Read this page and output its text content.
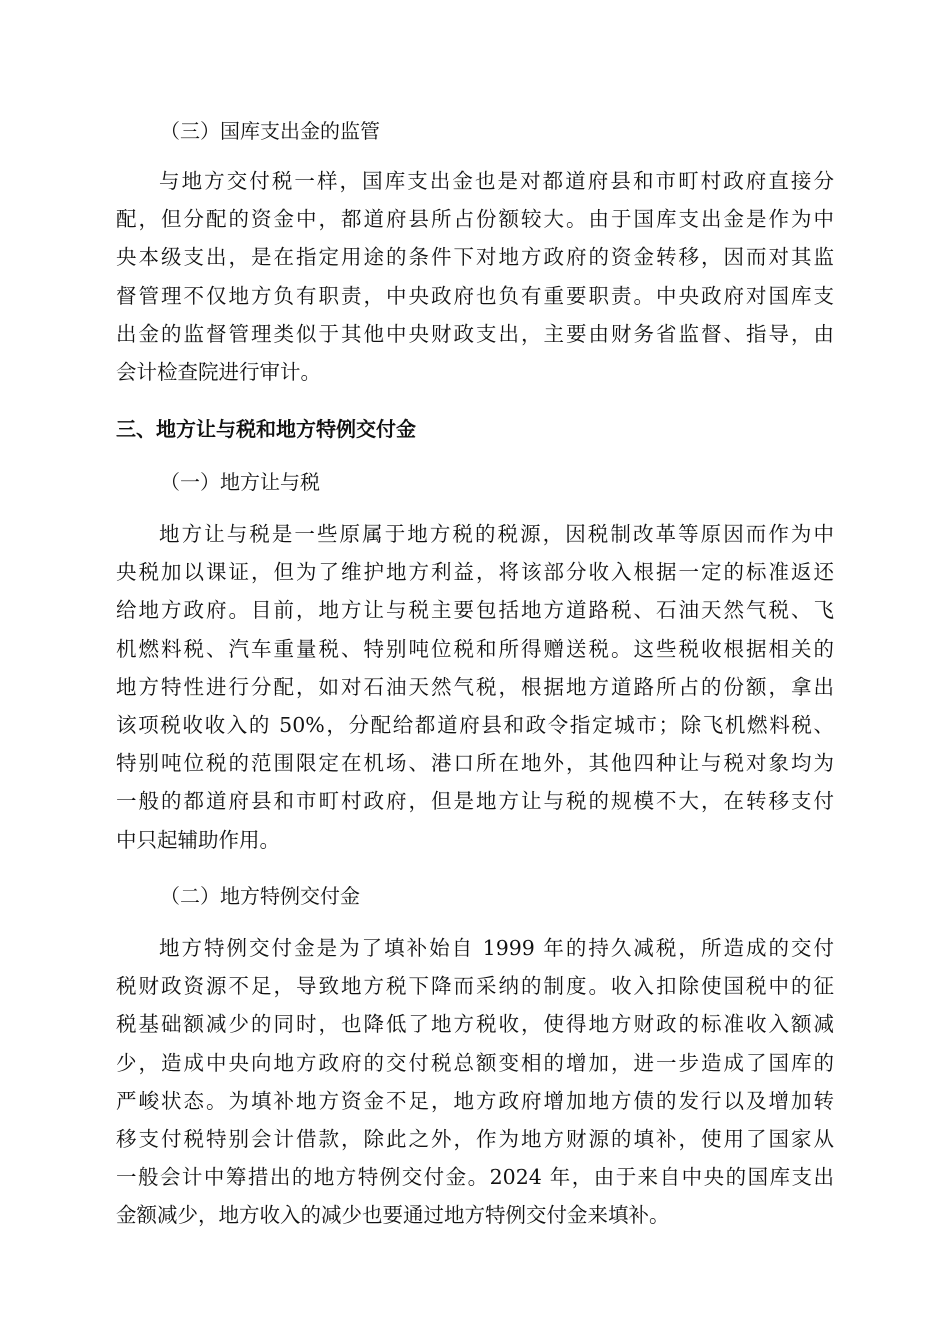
（三）国库支出金的监管
与地方交付税一样，国库支出金也是对都道府县和市町村政府直接分
配，但分配的资金中，都道府县所占份额较大。由于国库支出金是作为中
央本级支出，是在指定用途的条件下对地方政府的资金转移，因而对其监
督管理不仅地方负有职责，中央政府也负有重要职责。中央政府对国库支
出金的监督管理类似于其他中央财政支出，主要由财务省监督、指导，由
会计检查院进行审计。
三、地方让与税和地方特例交付金
（一）地方让与税
地方让与税是一些原属于地方税的税源，因税制改革等原因而作为中
央税加以课证，但为了维护地方利益，将该部分收入根据一定的标准返还
给地方政府。目前，地方让与税主要包括地方道路税、石油天然气税、飞
机燃料税、汽车重量税、特别吨位税和所得赠送税。这些税收根据相关的
地方特性进行分配，如对石油天然气税，根据地方道路所占的份额，拿出
该项税收收入的 50%，分配给都道府县和政令指定城市；除飞机燃料税、
特别吨位税的范围限定在机场、港口所在地外，其他四种让与税对象均为
一般的都道府县和市町村政府，但是地方让与税的规模不大，在转移支付
中只起辅助作用。
（二）地方特例交付金
地方特例交付金是为了填补始自 1999 年的持久减税，所造成的交付
税财政资源不足，导致地方税下降而采纳的制度。收入扣除使国税中的征
税基础额减少的同时，也降低了地方税收，使得地方财政的标准收入额减
少，造成中央向地方政府的交付税总额变相的增加，进一步造成了国库的
严峻状态。为填补地方资金不足，地方政府增加地方债的发行以及增加转
移支付税特别会计借款，除此之外，作为地方财源的填补，使用了国家从
一般会计中筹措出的地方特例交付金。2024 年，由于来自中央的国库支出
金额减少，地方收入的减少也要通过地方特例交付金来填补。
